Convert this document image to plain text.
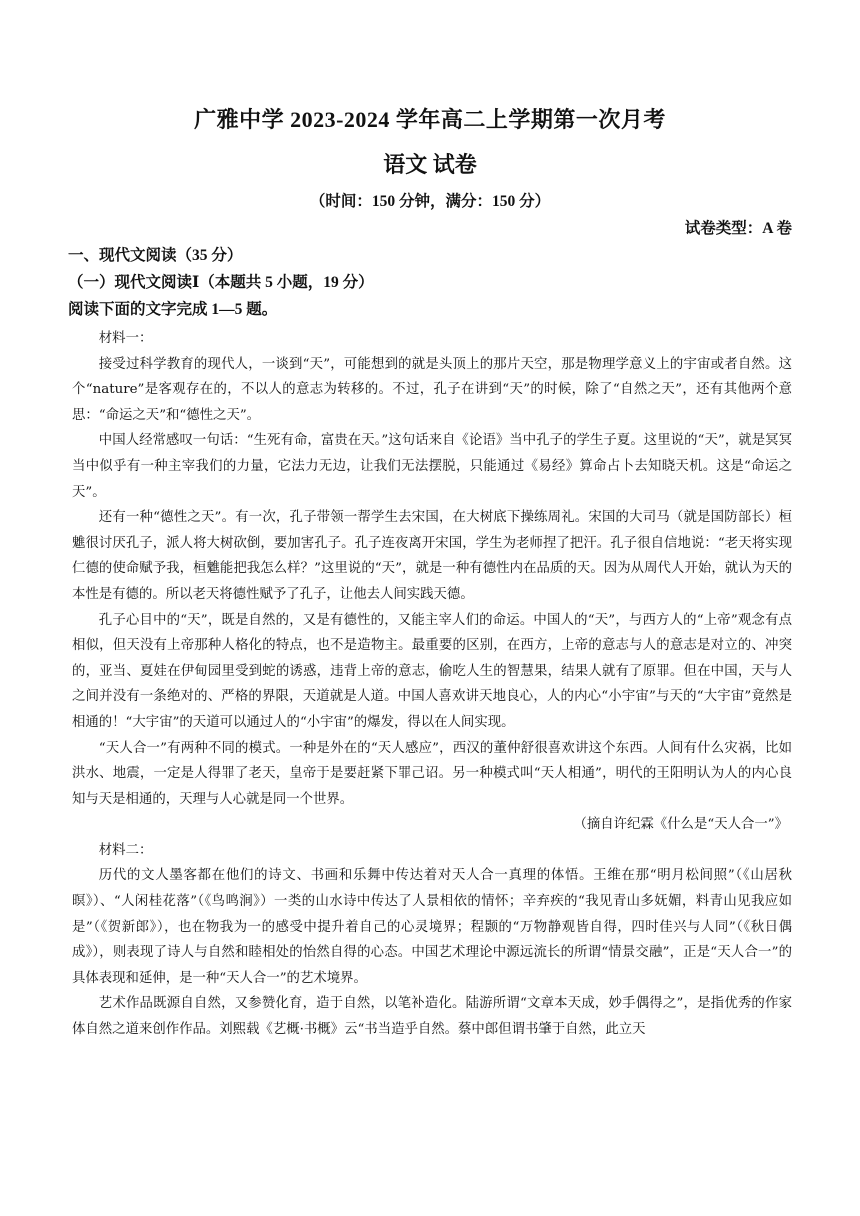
广雅中学 2023-2024 学年高二上学期第一次月考
语文 试卷
（时间：150 分钟，满分：150 分）
试卷类型：A 卷
一、现代文阅读（35 分）
（一）现代文阅读Ⅰ（本题共 5 小题，19 分）
阅读下面的文字完成 1—5 题。

材料一：

接受过科学教育的现代人，一谈到“天”，可能想到的就是头顶上的那片天空，那是物理学意义上的宇宙或者自然。这个“nature”是客观存在的，不以人的意志为转移的。不过，孔子在讲到“天”的时候，除了“自然之天”，还有其他两个意思：“命运之天”和“德性之天”。

中国人经常感叹一句话：“生死有命，富贵在天。”这句话来自《论语》当中孔子的学生子夏。这里说的“天”，就是冥冥当中似乎有一种主宰我们的力量，它法力无边，让我们无法摆脱，只能通过《易经》算命占卜去知晓天机。这是“命运之天”。

还有一种“德性之天”。有一次，孔子带领一帮学生去宋国，在大树底下操练周礼。宋国的大司马（就是国防部长）桓魋很讨厌孔子，派人将大树砍倒，要加害孔子。孔子连夜离开宋国，学生为老师捏了把汗。孔子很自信地说：“老天将实现仁德的使命赋予我，桓魋能把我怎么样？”这里说的“天”，就是一种有德性内在品质的天。因为从周代人开始，就认为天的本性是有德的。所以老天将德性赋予了孔子，让他去人间实践天德。

孔子心目中的“天”，既是自然的，又是有德性的，又能主宰人们的命运。中国人的“天”，与西方人的“上帝”观念有点相似，但天没有上帝那种人格化的特点，也不是造物主。最重要的区别，在西方，上帝的意志与人的意志是对立的、冲突的，亚当、夏娃在伊甸园里受到蛇的诱惑，违背上帝的意志，偷吃人生的智慧果，结果人就有了原罪。但在中国，天与人之间并没有一条绝对的、严格的界限，天道就是人道。中国人喜欢讲天地良心，人的内心“小宇宙”与天的“大宇宙”竟然是相通的！“大宇宙”的天道可以通过人的“小宇宙”的爆发，得以在人间实现。

“天人合一”有两种不同的模式。一种是外在的“天人感应”，西汉的董仲舒很喜欢讲这个东西。人间有什么灾祸，比如洪水、地震，一定是人得罪了老天，皇帝于是要赶紧下罪己诏。另一种模式叫“天人相通”，明代的王阳明认为人的内心良知与天是相通的，天理与人心就是同一个世界。

（摘自许纪霖《什么是“天人合一”》

材料二：

历代的文人墨客都在他们的诗文、书画和乐舞中传达着对天人合一真理的体悟。王维在那“明月松间照”（《山居秋暝》）、“人闲桂花落”（《鸟鸣涧》）一类的山水诗中传达了人景相依的情怀；辛弃疾的“我见青山多妩媚，料青山见我应如是”（《贺新郎》），也在物我为一的感受中提升着自己的心灵境界；程颢的“万物静观皆自得，四时佳兴与人同”（《秋日偶成》），则表现了诗人与自然和睦相处的怡然自得的心态。中国艺术理论中源远流长的所谓“情景交融”，正是“天人合一”的具体表现和延伸，是一种“天人合一”的艺术境界。

艺术作品既源自自然，又参赞化育，造于自然，以笔补造化。陆游所谓“文章本天成，妙手偶得之”，是指优秀的作家体自然之道来创作作品。刘熙载《艺概·书概》云“书当造乎自然。蔡中郎但谓书肇于自然，此立天
